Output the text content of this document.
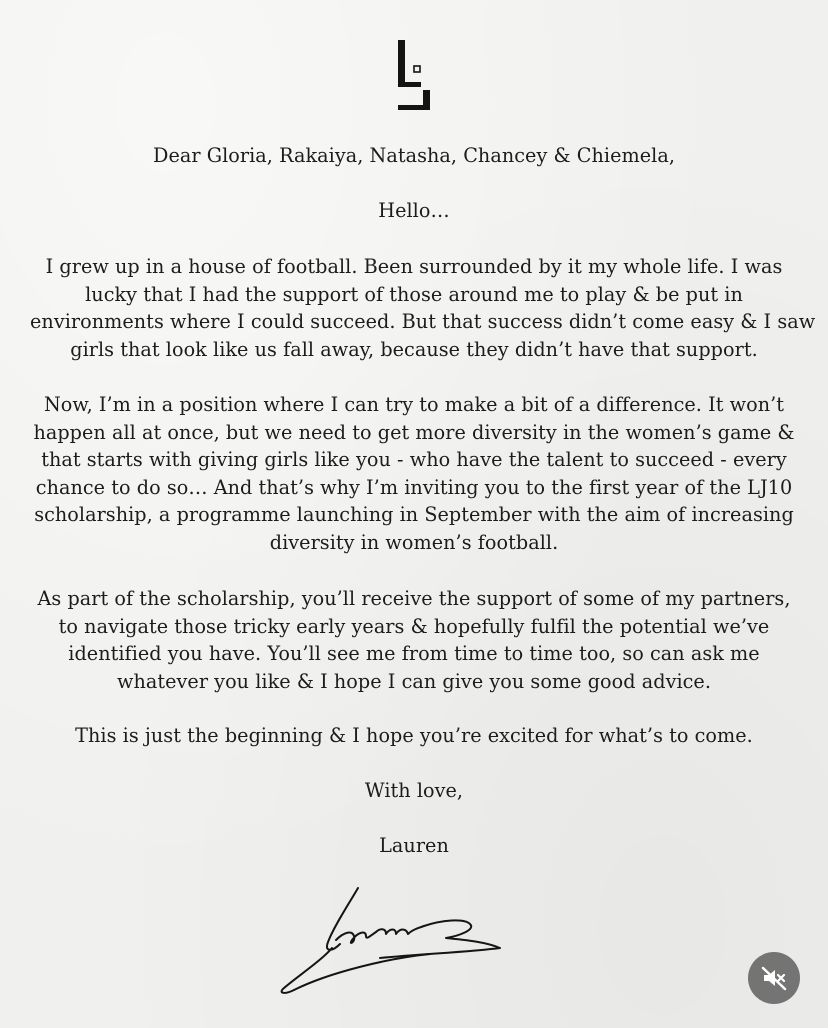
Dear Gloria, Rakaiya, Natasha, Chancey & Chiemela,
Hello…
I grew up in a house of football. Been surrounded by it my whole life. I was
lucky that I had the support of those around me to play & be put in
environments where I could succeed. But that success didn’t come easy & I saw
girls that look like us fall away, because they didn’t have that support.
Now, I’m in a position where I can try to make a bit of a difference. It won’t
happen all at once, but we need to get more diversity in the women’s game &
that starts with giving girls like you - who have the talent to succeed - every
chance to do so… And that’s why I’m inviting you to the first year of the LJ10
scholarship, a programme launching in September with the aim of increasing
diversity in women’s football.
As part of the scholarship, you’ll receive the support of some of my partners,
to navigate those tricky early years & hopefully fulfil the potential we’ve
identified you have. You’ll see me from time to time too, so can ask me
whatever you like & I hope I can give you some good advice.
This is just the beginning & I hope you’re excited for what’s to come.
With love,
Lauren
